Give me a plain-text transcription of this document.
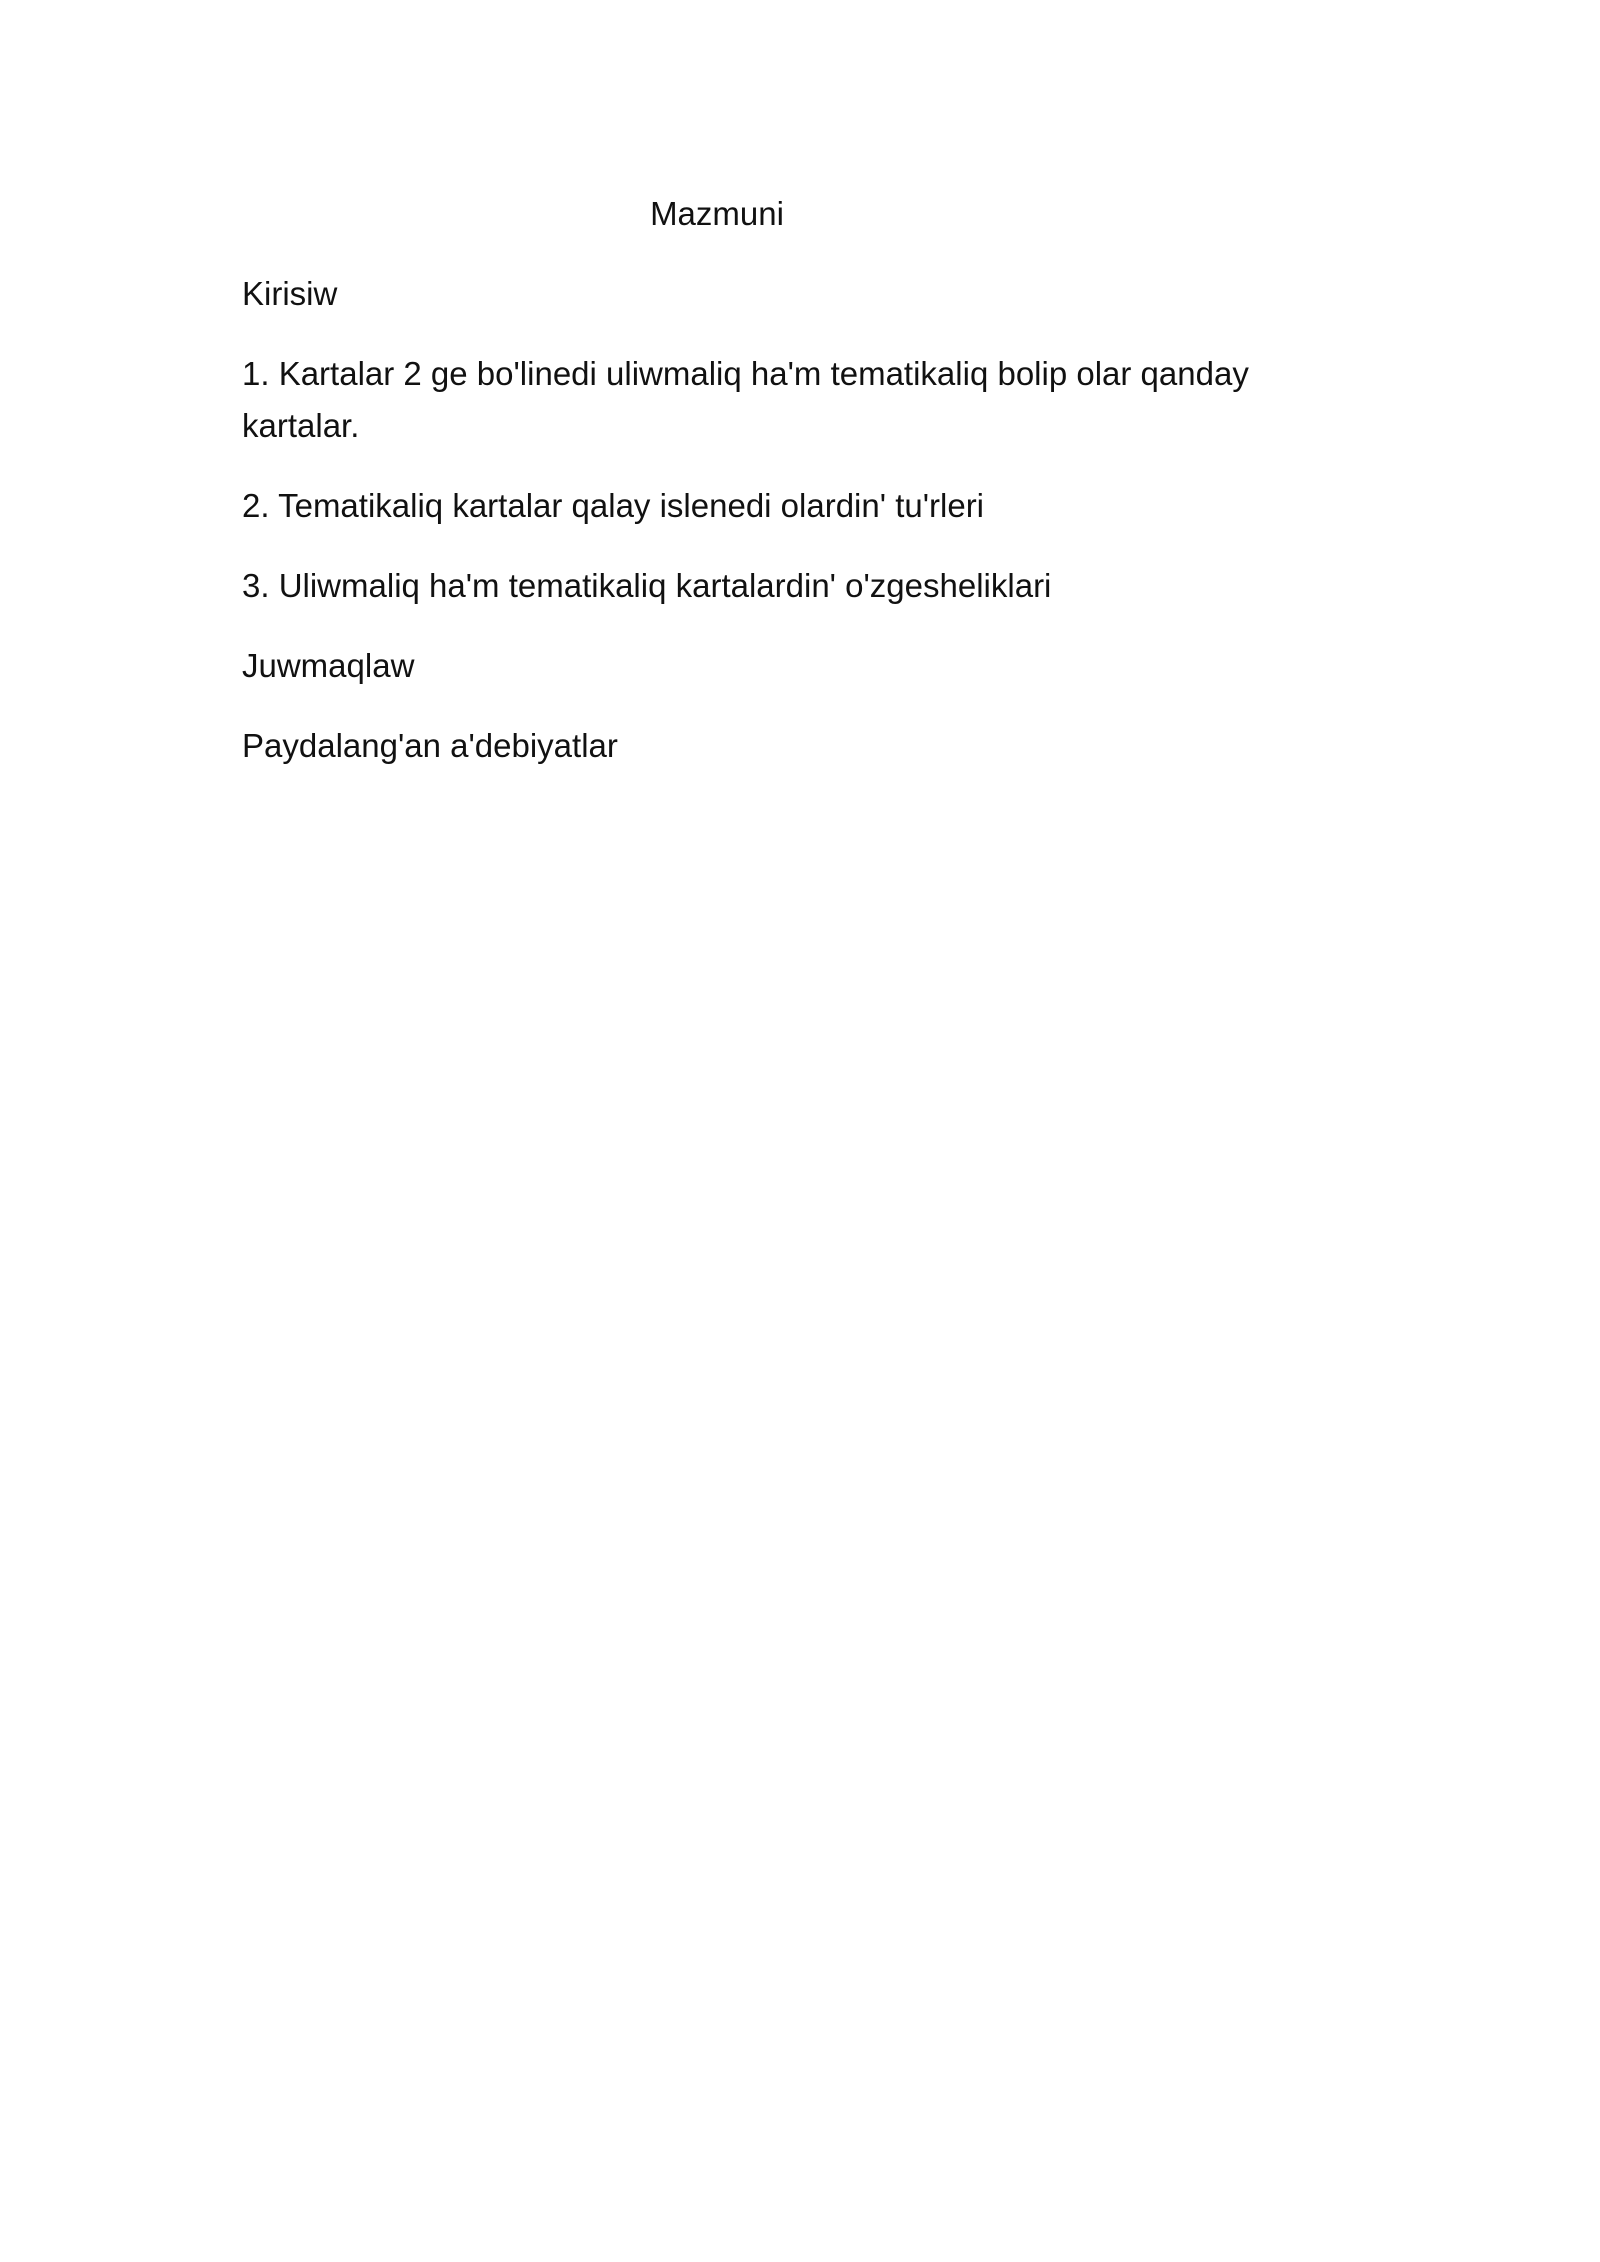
Mazmuni

Kirisiw

1. Kartalar 2 ge bo'linedi uliwmaliq ha'm tematikaliq bolip olar qanday kartalar.

2. Tematikaliq kartalar qalay islenedi olardin' tu'rleri

3. Uliwmaliq ha'm tematikaliq kartalardin' o'zgesheliklari

Juwmaqlaw

Paydalang'an a'debiyatlar
